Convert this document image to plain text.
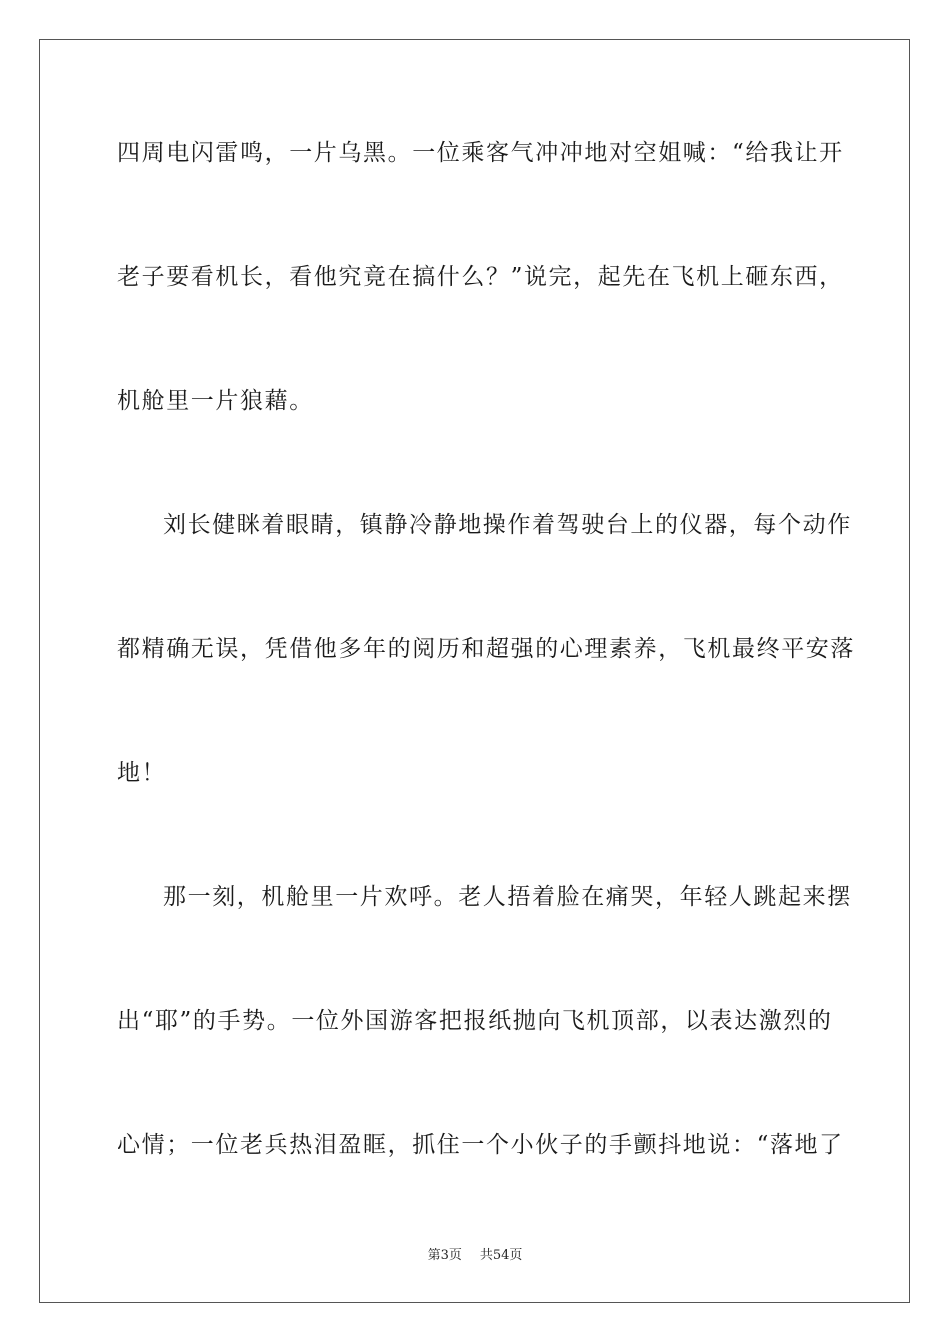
四周电闪雷鸣，一片乌黑。一位乘客气冲冲地对空姐喊：“给我让开
老子要看机长，看他究竟在搞什么？”说完，起先在飞机上砸东西，
机舱里一片狼藉。
刘长健眯着眼睛，镇静冷静地操作着驾驶台上的仪器，每个动作
都精确无误，凭借他多年的阅历和超强的心理素养，飞机最终平安落
地！
那一刻，机舱里一片欢呼。老人捂着脸在痛哭，年轻人跳起来摆
出“耶”的手势。一位外国游客把报纸抛向飞机顶部，以表达激烈的
心情；一位老兵热泪盈眶，抓住一个小伙子的手颤抖地说：“落地了
第3页 共54页
